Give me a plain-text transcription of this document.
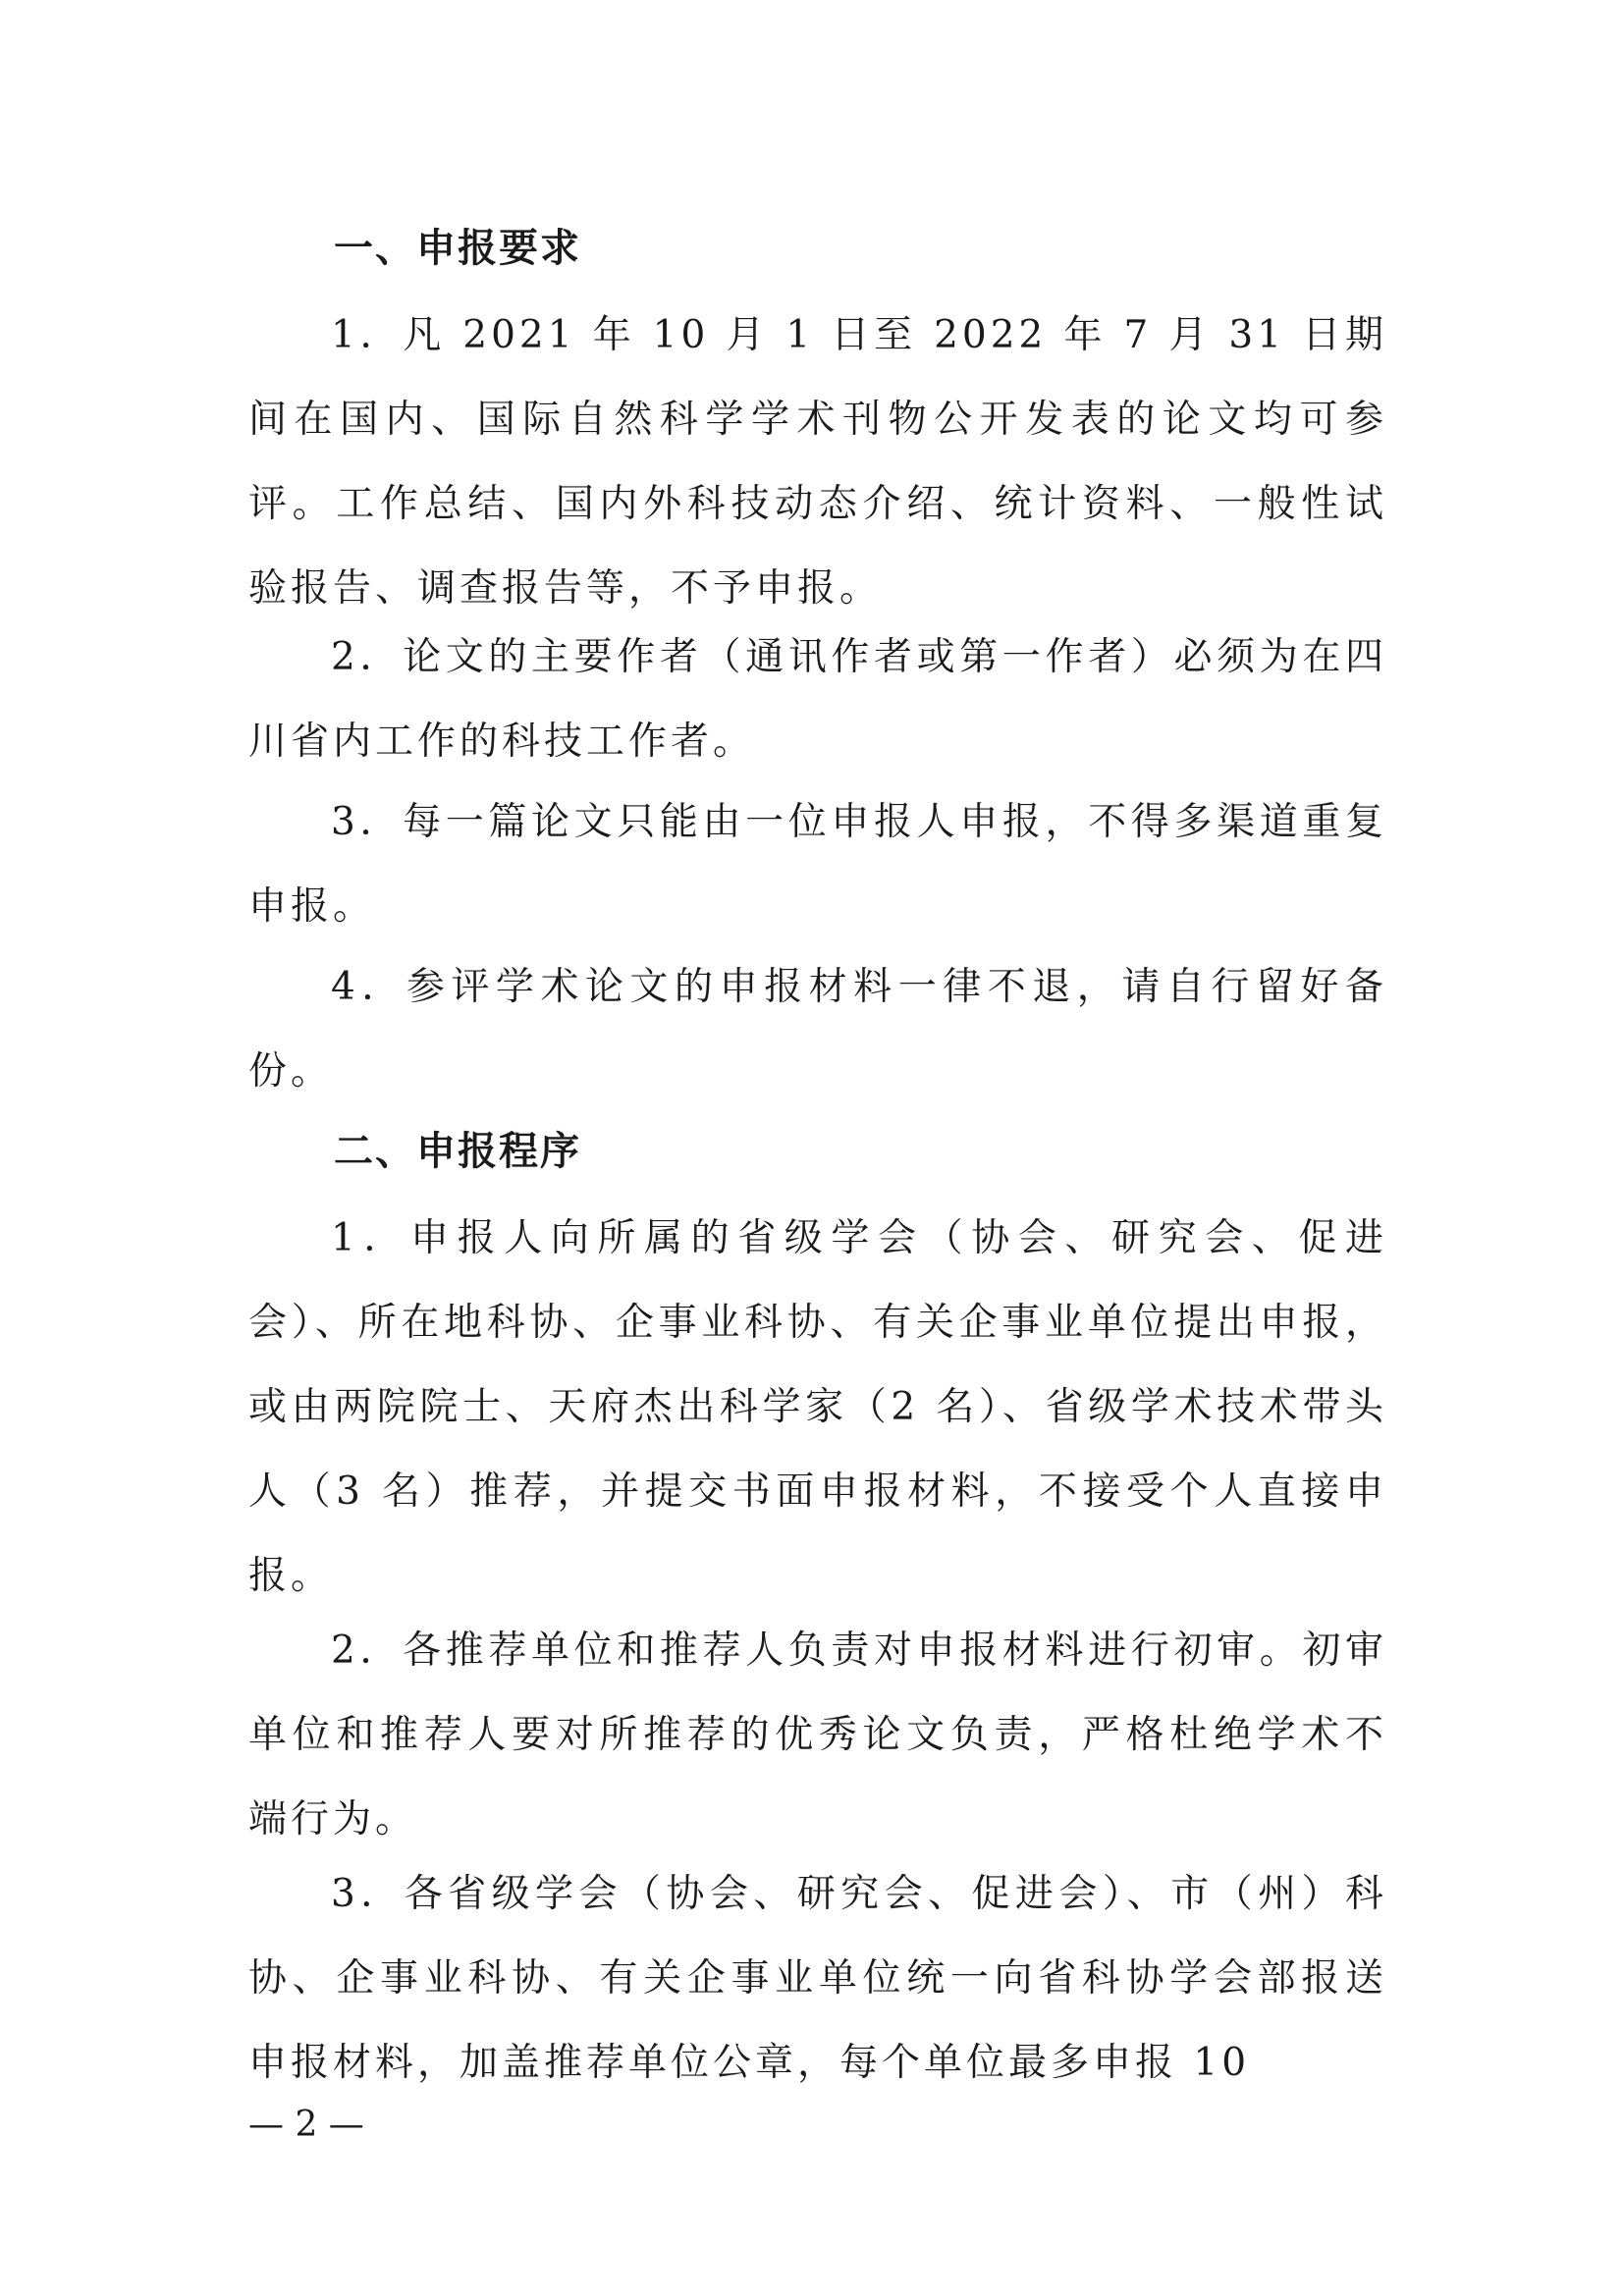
一、申报要求

1．凡 2021 年 10 月 1 日至 2022 年 7 月 31 日期间在国内、国际自然科学学术刊物公开发表的论文均可参评。工作总结、国内外科技动态介绍、统计资料、一般性试验报告、调查报告等，不予申报。

2．论文的主要作者（通讯作者或第一作者）必须为在四川省内工作的科技工作者。

3．每一篇论文只能由一位申报人申报，不得多渠道重复申报。

4．参评学术论文的申报材料一律不退，请自行留好备份。

二、申报程序

1．申报人向所属的省级学会（协会、研究会、促进会）、所在地科协、企事业科协、有关企事业单位提出申报，或由两院院士、天府杰出科学家（2 名）、省级学术技术带头人（3 名）推荐，并提交书面申报材料，不接受个人直接申报。

2．各推荐单位和推荐人负责对申报材料进行初审。初审单位和推荐人要对所推荐的优秀论文负责，严格杜绝学术不端行为。

3．各省级学会（协会、研究会、促进会）、市（州）科协、企事业科协、有关企事业单位统一向省科协学会部报送申报材料，加盖推荐单位公章，每个单位最多申报 10

— 2 —
